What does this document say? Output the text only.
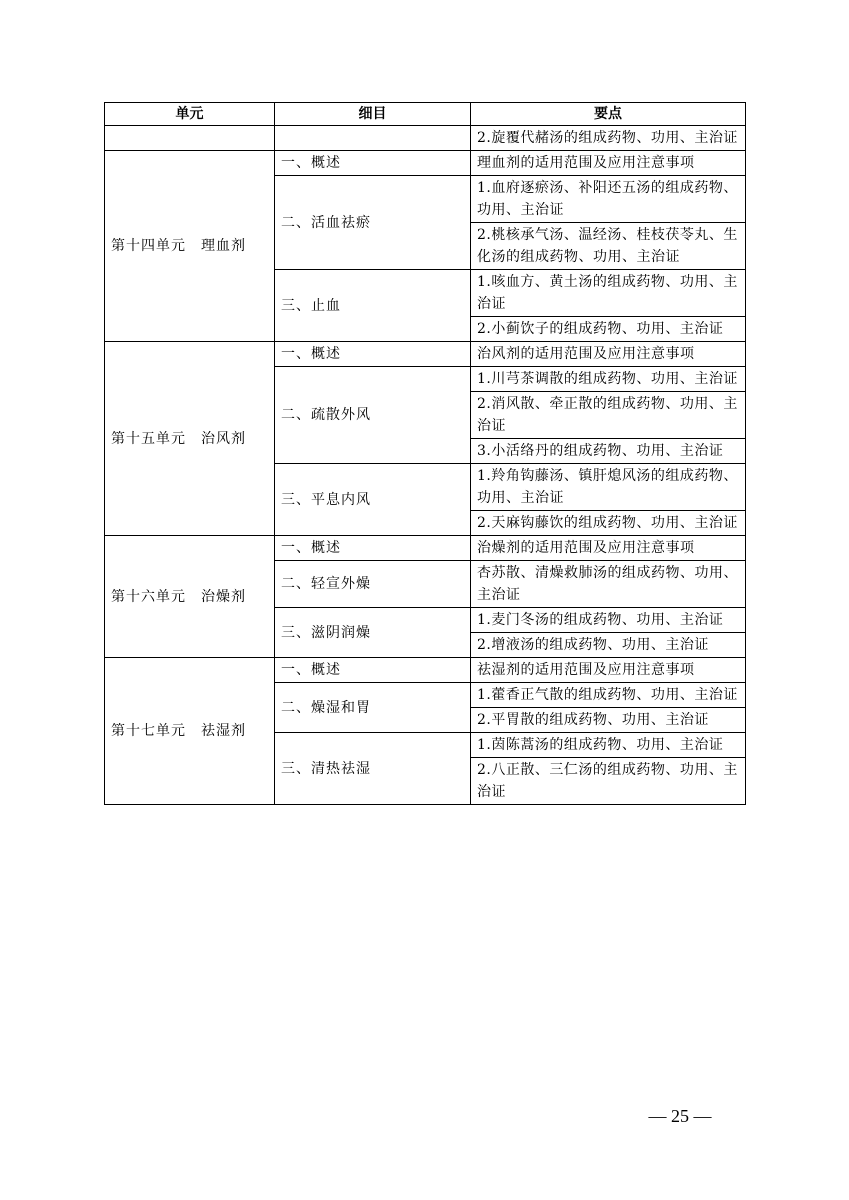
单元	细目	要点
		2.旋覆代赭汤的组成药物、功用、主治证
第十四单元　理血剂	一、概述	理血剂的适用范围及应用注意事项
	二、活血祛瘀	1.血府逐瘀汤、补阳还五汤的组成药物、功用、主治证
		2.桃核承气汤、温经汤、桂枝茯苓丸、生化汤的组成药物、功用、主治证
	三、止血	1.咳血方、黄土汤的组成药物、功用、主治证
		2.小蓟饮子的组成药物、功用、主治证
第十五单元　治风剂	一、概述	治风剂的适用范围及应用注意事项
	二、疏散外风	1.川芎茶调散的组成药物、功用、主治证
		2.消风散、牵正散的组成药物、功用、主治证
		3.小活络丹的组成药物、功用、主治证
	三、平息内风	1.羚角钩藤汤、镇肝熄风汤的组成药物、功用、主治证
		2.天麻钩藤饮的组成药物、功用、主治证
第十六单元　治燥剂	一、概述	治燥剂的适用范围及应用注意事项
	二、轻宣外燥	杏苏散、清燥救肺汤的组成药物、功用、主治证
	三、滋阴润燥	1.麦门冬汤的组成药物、功用、主治证
		2.增液汤的组成药物、功用、主治证
第十七单元　祛湿剂	一、概述	祛湿剂的适用范围及应用注意事项
	二、燥湿和胃	1.藿香正气散的组成药物、功用、主治证
		2.平胃散的组成药物、功用、主治证
	三、清热祛湿	1.茵陈蒿汤的组成药物、功用、主治证
		2.八正散、三仁汤的组成药物、功用、主治证
— 25 —
